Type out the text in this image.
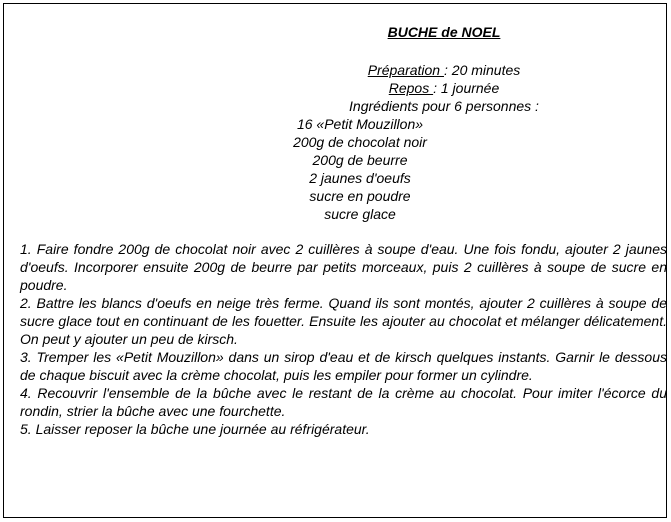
BUCHE de NOEL
Préparation : 20 minutes
Repos : 1 journée
Ingrédients pour 6 personnes :
16 «Petit Mouzillon»
200g de chocolat noir
200g de beurre
2 jaunes d'oeufs
sucre en poudre
sucre glace

1. Faire fondre 200g de chocolat noir avec 2 cuillères à soupe d'eau. Une fois fondu, ajouter 2 jaunes d'oeufs. Incorporer ensuite 200g de beurre par petits morceaux, puis 2 cuillères à soupe de sucre en poudre.

2. Battre les blancs d'oeufs en neige très ferme. Quand ils sont montés, ajouter 2 cuillères à soupe de sucre glace tout en continuant de les fouetter. Ensuite les ajouter au chocolat et mélanger délicatement. On peut y ajouter un peu de kirsch.

3. Tremper les «Petit Mouzillon» dans un sirop d'eau et de kirsch quelques instants. Garnir le dessous de chaque biscuit avec la crème chocolat, puis les empiler pour former un cylindre.

4. Recouvrir l'ensemble de la bûche avec le restant de la crème au chocolat. Pour imiter l'écorce du rondin, strier la bûche avec une fourchette.

5. Laisser reposer la bûche une journée au réfrigérateur.
